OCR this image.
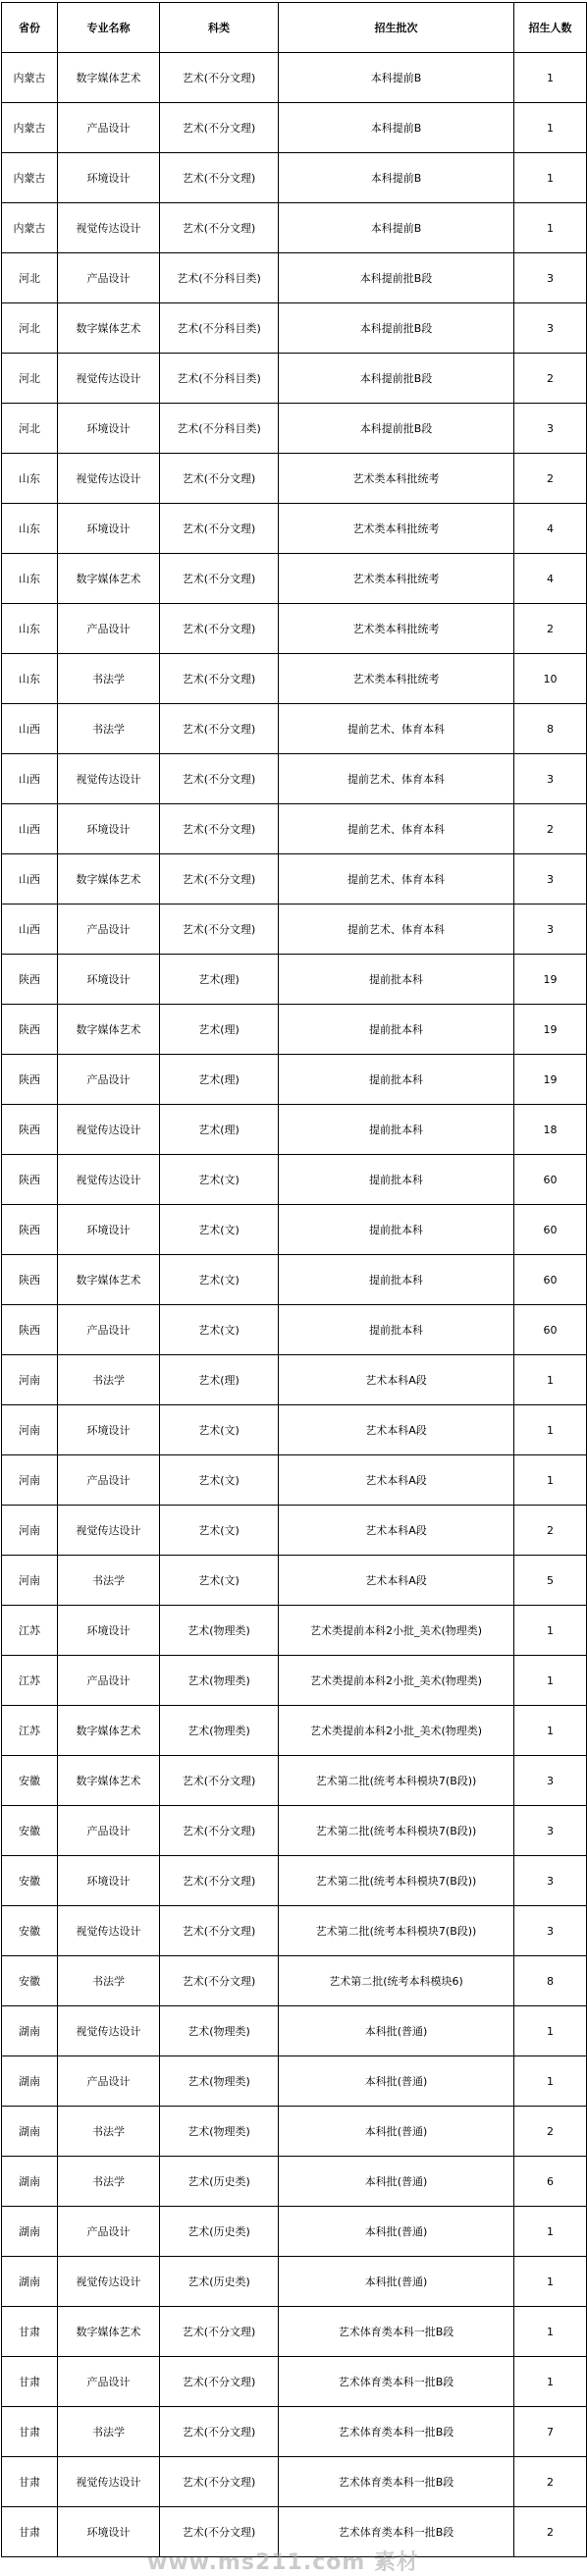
省份	专业名称	科类	招生批次	招生人数
内蒙古	数字媒体艺术	艺术(不分文理)	本科提前B	1
内蒙古	产品设计	艺术(不分文理)	本科提前B	1
内蒙古	环境设计	艺术(不分文理)	本科提前B	1
内蒙古	视觉传达设计	艺术(不分文理)	本科提前B	1
河北	产品设计	艺术(不分科目类)	本科提前批B段	3
河北	数字媒体艺术	艺术(不分科目类)	本科提前批B段	3
河北	视觉传达设计	艺术(不分科目类)	本科提前批B段	2
河北	环境设计	艺术(不分科目类)	本科提前批B段	3
山东	视觉传达设计	艺术(不分文理)	艺术类本科批统考	2
山东	环境设计	艺术(不分文理)	艺术类本科批统考	4
山东	数字媒体艺术	艺术(不分文理)	艺术类本科批统考	4
山东	产品设计	艺术(不分文理)	艺术类本科批统考	2
山东	书法学	艺术(不分文理)	艺术类本科批统考	10
山西	书法学	艺术(不分文理)	提前艺术、体育本科	8
山西	视觉传达设计	艺术(不分文理)	提前艺术、体育本科	3
山西	环境设计	艺术(不分文理)	提前艺术、体育本科	2
山西	数字媒体艺术	艺术(不分文理)	提前艺术、体育本科	3
山西	产品设计	艺术(不分文理)	提前艺术、体育本科	3
陕西	环境设计	艺术(理)	提前批本科	19
陕西	数字媒体艺术	艺术(理)	提前批本科	19
陕西	产品设计	艺术(理)	提前批本科	19
陕西	视觉传达设计	艺术(理)	提前批本科	18
陕西	视觉传达设计	艺术(文)	提前批本科	60
陕西	环境设计	艺术(文)	提前批本科	60
陕西	数字媒体艺术	艺术(文)	提前批本科	60
陕西	产品设计	艺术(文)	提前批本科	60
河南	书法学	艺术(理)	艺术本科A段	1
河南	环境设计	艺术(文)	艺术本科A段	1
河南	产品设计	艺术(文)	艺术本科A段	1
河南	视觉传达设计	艺术(文)	艺术本科A段	2
河南	书法学	艺术(文)	艺术本科A段	5
江苏	环境设计	艺术(物理类)	艺术类提前本科2小批_美术(物理类)	1
江苏	产品设计	艺术(物理类)	艺术类提前本科2小批_美术(物理类)	1
江苏	数字媒体艺术	艺术(物理类)	艺术类提前本科2小批_美术(物理类)	1
安徽	数字媒体艺术	艺术(不分文理)	艺术第二批(统考本科模块7(B段))	3
安徽	产品设计	艺术(不分文理)	艺术第二批(统考本科模块7(B段))	3
安徽	环境设计	艺术(不分文理)	艺术第二批(统考本科模块7(B段))	3
安徽	视觉传达设计	艺术(不分文理)	艺术第二批(统考本科模块7(B段))	3
安徽	书法学	艺术(不分文理)	艺术第二批(统考本科模块6)	8
湖南	视觉传达设计	艺术(物理类)	本科批(普通)	1
湖南	产品设计	艺术(物理类)	本科批(普通)	1
湖南	书法学	艺术(物理类)	本科批(普通)	2
湖南	书法学	艺术(历史类)	本科批(普通)	6
湖南	产品设计	艺术(历史类)	本科批(普通)	1
湖南	视觉传达设计	艺术(历史类)	本科批(普通)	1
甘肃	数字媒体艺术	艺术(不分文理)	艺术体育类本科一批B段	1
甘肃	产品设计	艺术(不分文理)	艺术体育类本科一批B段	1
甘肃	书法学	艺术(不分文理)	艺术体育类本科一批B段	7
甘肃	视觉传达设计	艺术(不分文理)	艺术体育类本科一批B段	2
甘肃	环境设计	艺术(不分文理)	艺术体育类本科一批B段	2
www.ms211.com 素材
